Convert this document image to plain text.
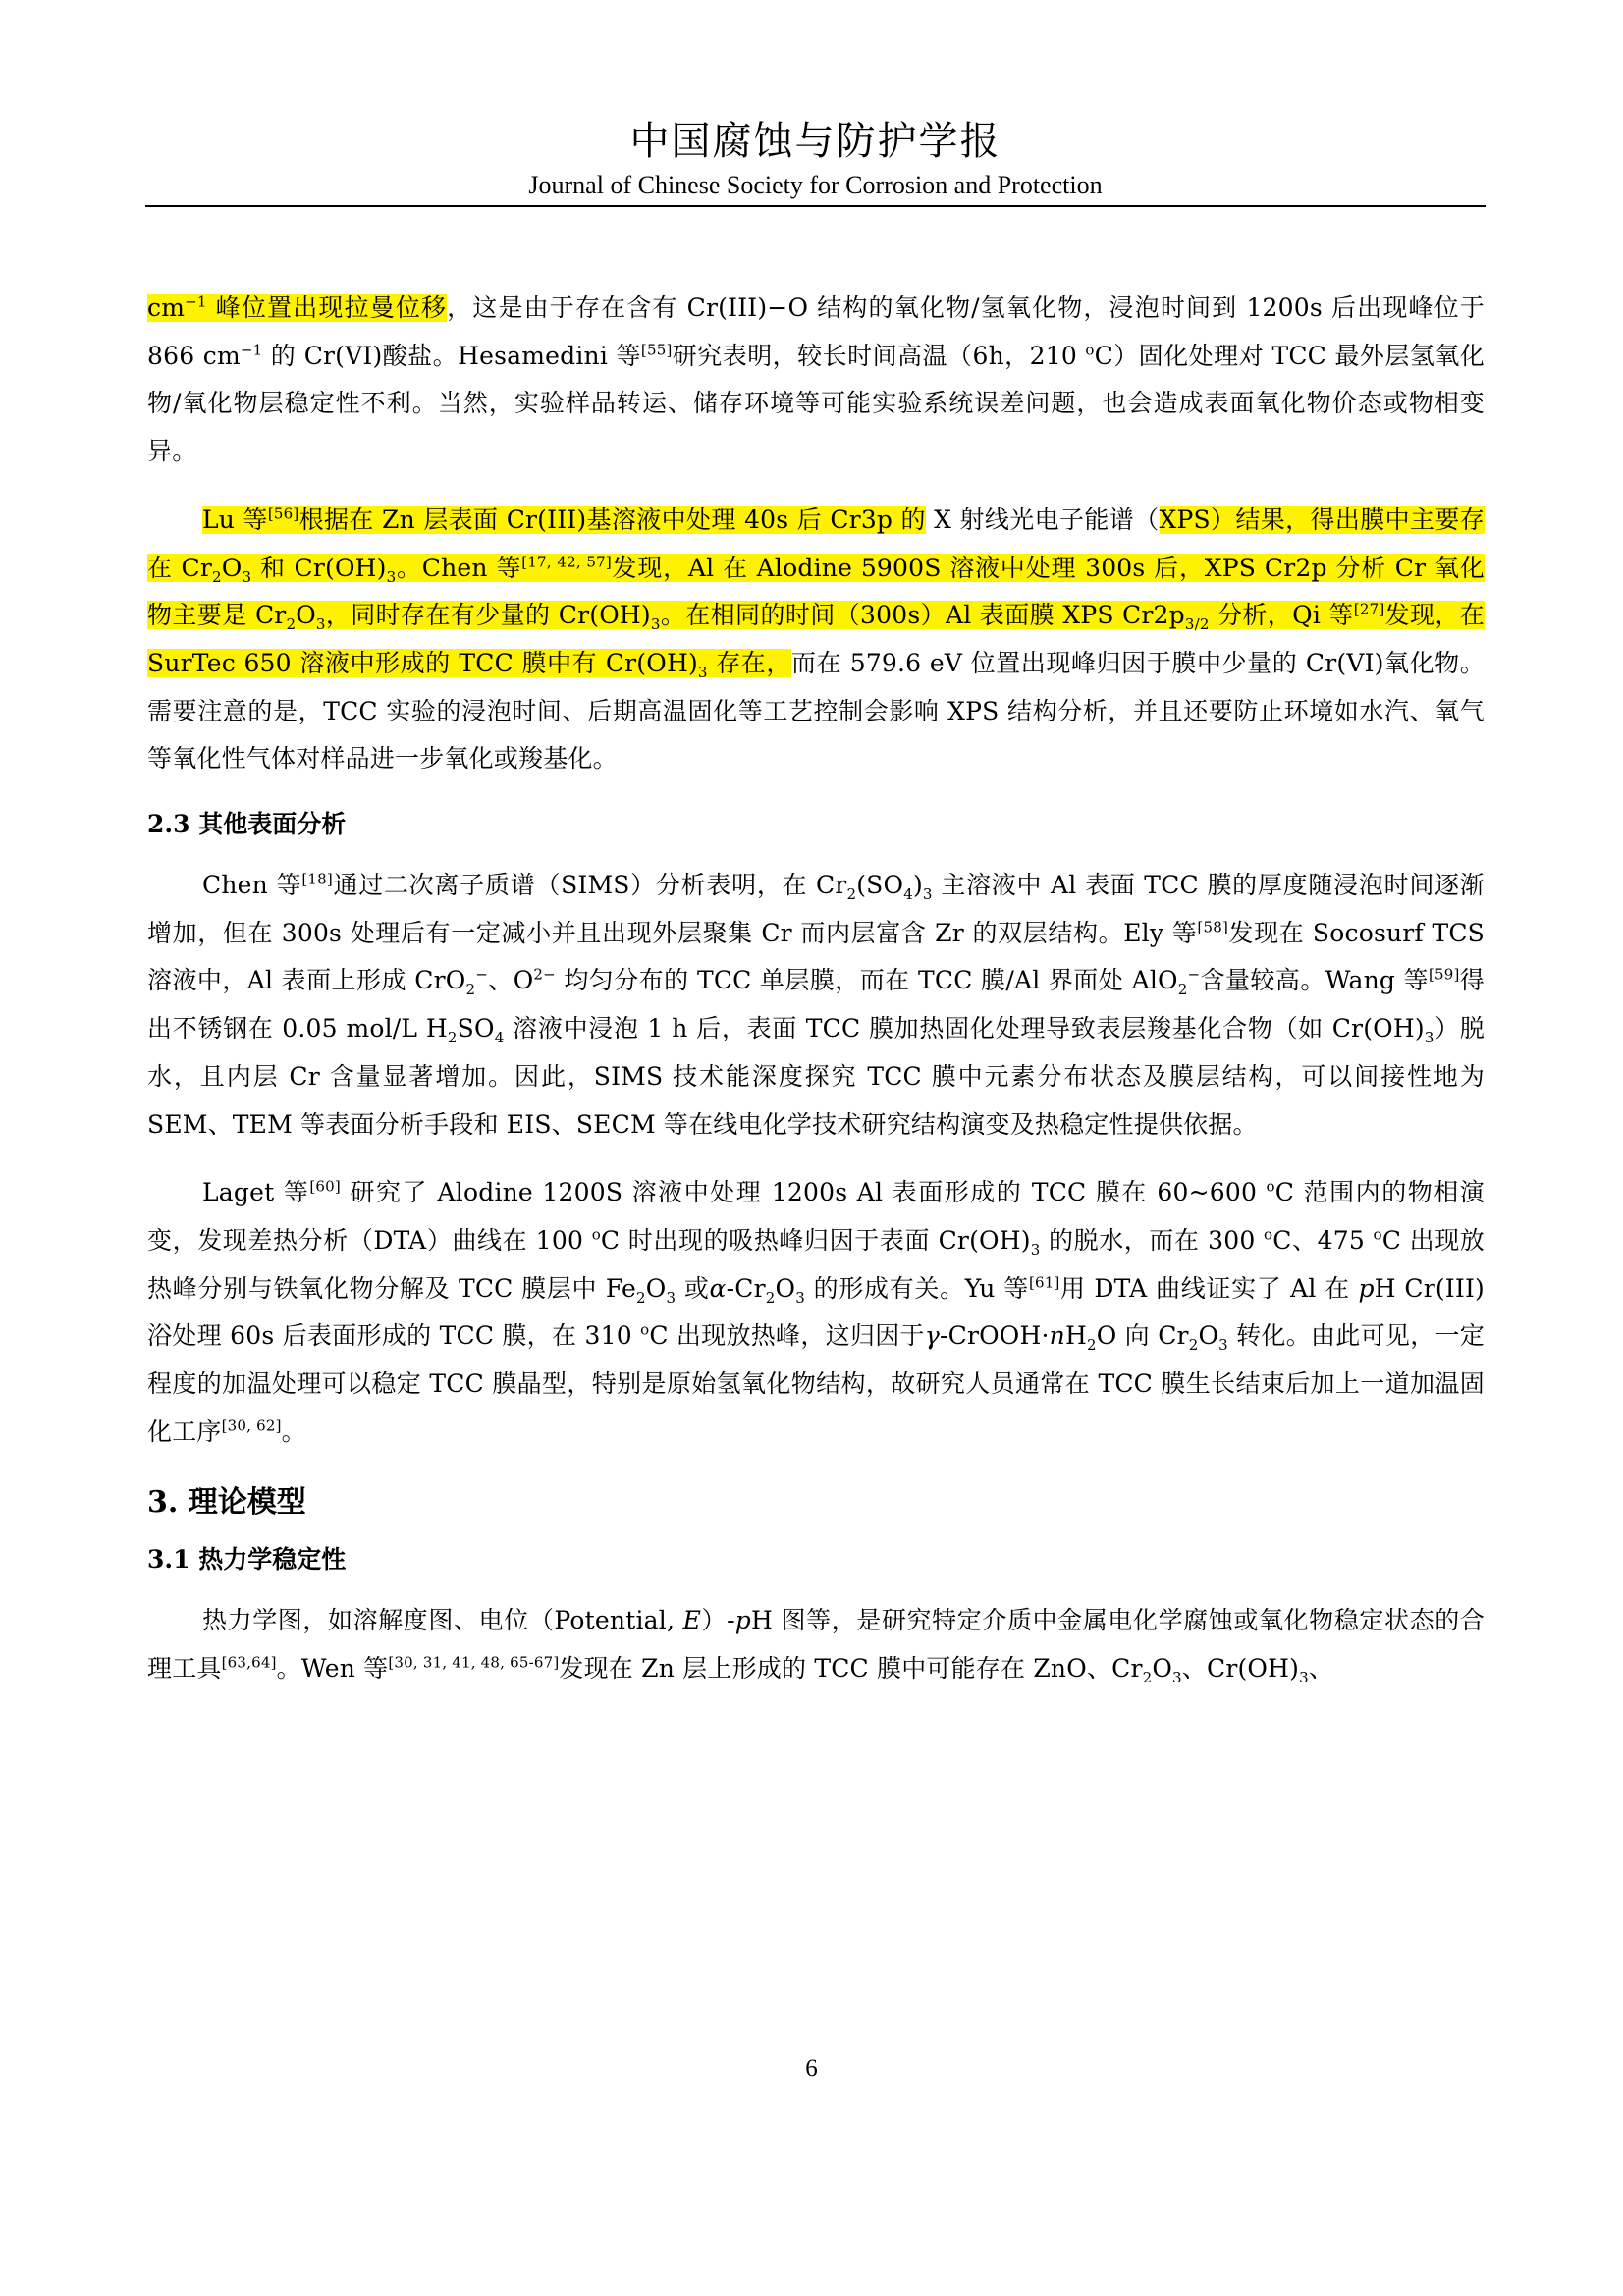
中国腐蚀与防护学报
Journal of Chinese Society for Corrosion and Protection

$cm^{-1}$ 峰位置出现拉曼位移，这是由于存在含有 Cr(III)−O 结构的氧化物/氢氧化物，浸泡时间到 1200s 后出现峰位于 866 $cm^{-1}$ 的 Cr(VI)酸盐。Hesamedini 等[55]研究表明，较长时间高温（6h，210 $^o$C）固化处理对 TCC 最外层氢氧化物/氧化物层稳定性不利。当然，实验样品转运、储存环境等可能实验系统误差问题，也会造成表面氧化物价态或物相变异。

Lu 等[56]根据在 Zn 层表面 Cr(III)基溶液中处理 40s 后 Cr3p 的 X 射线光电子能谱（XPS）结果，得出膜中主要存在 $Cr_2O_3$ 和 $Cr(OH)_3$。Chen 等[17, 42, 57]发现，Al 在 Alodine 5900S 溶液中处理 300s 后，XPS Cr2p 分析 Cr 氧化物主要是 $Cr_2O_3$，同时存在有少量的 $Cr(OH)_3$。在相同的时间（300s）Al 表面膜 XPS $Cr2p_{3/2}$ 分析，Qi 等[27]发现，在 SurTec 650 溶液中形成的 TCC 膜中有 $Cr(OH)_3$ 存在，而在 579.6 eV 位置出现峰归因于膜中少量的 Cr(VI)氧化物。需要注意的是，TCC 实验的浸泡时间、后期高温固化等工艺控制会影响 XPS 结构分析，并且还要防止环境如水汽、氧气等氧化性气体对样品进一步氧化或羧基化。

2.3 其他表面分析

Chen 等[18]通过二次离子质谱（SIMS）分析表明，在 $Cr_2(SO_4)_3$ 主溶液中 Al 表面 TCC 膜的厚度随浸泡时间逐渐增加，但在 300s 处理后有一定减小并且出现外层聚集 Cr 而内层富含 Zr 的双层结构。Ely 等[58]发现在 Socosurf TCS 溶液中，Al 表面上形成 CrO$_2$−、$O^{2-}$ 均匀分布的 TCC 单层膜，而在 TCC 膜/Al 界面处 AlO$_2$−含量较高。Wang 等[59]得出不锈钢在 0.05 mol/L $H_2SO_4$ 溶液中浸泡 1 h 后，表面 TCC 膜加热固化处理导致表层羧基化合物（如 $Cr(OH)_3$）脱水，且内层 Cr 含量显著增加。因此，SIMS 技术能深度探究 TCC 膜中元素分布状态及膜层结构，可以间接性地为 SEM、TEM 等表面分析手段和 EIS、SECM 等在线电化学技术研究结构演变及热稳定性提供依据。

Laget 等[60] 研究了 Alodine 1200S 溶液中处理 1200s Al 表面形成的 TCC 膜在 60~600 $^o$C 范围内的物相演变，发现差热分析（DTA）曲线在 100 $^o$C 时出现的吸热峰归因于表面 $Cr(OH)_3$ 的脱水，而在 300 $^o$C、475 $^o$C 出现放热峰分别与铁氧化物分解及 TCC 膜层中 $Fe_2O_3$ 或$\alpha-Cr_2O_3$ 的形成有关。Yu 等[61]用 DTA 曲线证实了 Al 在 pH Cr(III)浴处理 60s 后表面形成的 TCC 膜，在 310 $^o$C 出现放热峰，这归因于$\gamma-CrOOH\cdot nH_2O$ 向 $Cr_2O_3$ 转化。由此可见，一定程度的加温处理可以稳定 TCC 膜晶型，特别是原始氢氧化物结构，故研究人员通常在 TCC 膜生长结束后加上一道加温固化工序[30, 62]。

3. 理论模型
3.1 热力学稳定性

热力学图，如溶解度图、电位（Potential, E）-pH 图等，是研究特定介质中金属电化学腐蚀或氧化物稳定状态的合理工具[63,64]。Wen 等[30, 31, 41, 48, 65-67]发现在 Zn 层上形成的 TCC 膜中可能存在 ZnO、$Cr_2O_3$、$Cr(OH)_3$、

6
